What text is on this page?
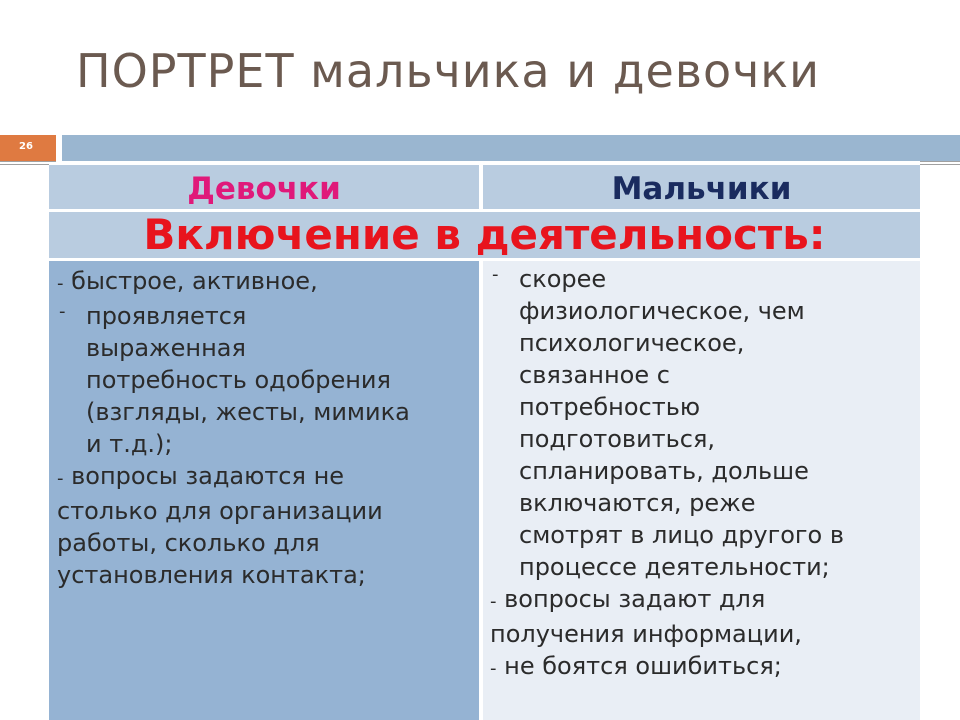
ПОРТРЕТ мальчика и девочки
26
Девочки	Мальчики
Включение в деятельность:
- быстрое, активное,
- проявляется
выраженная
потребность одобрения
(взгляды, жесты, мимика
и т.д.);
- вопросы задаются не
столько для организации
работы, сколько для
установления контакта;
- скорее
физиологическое, чем
психологическое,
связанное с
потребностью
подготовиться,
спланировать, дольше
включаются, реже
смотрят в лицо другого в
процессе деятельности;
- вопросы задают для
получения информации,
- не боятся ошибиться;
